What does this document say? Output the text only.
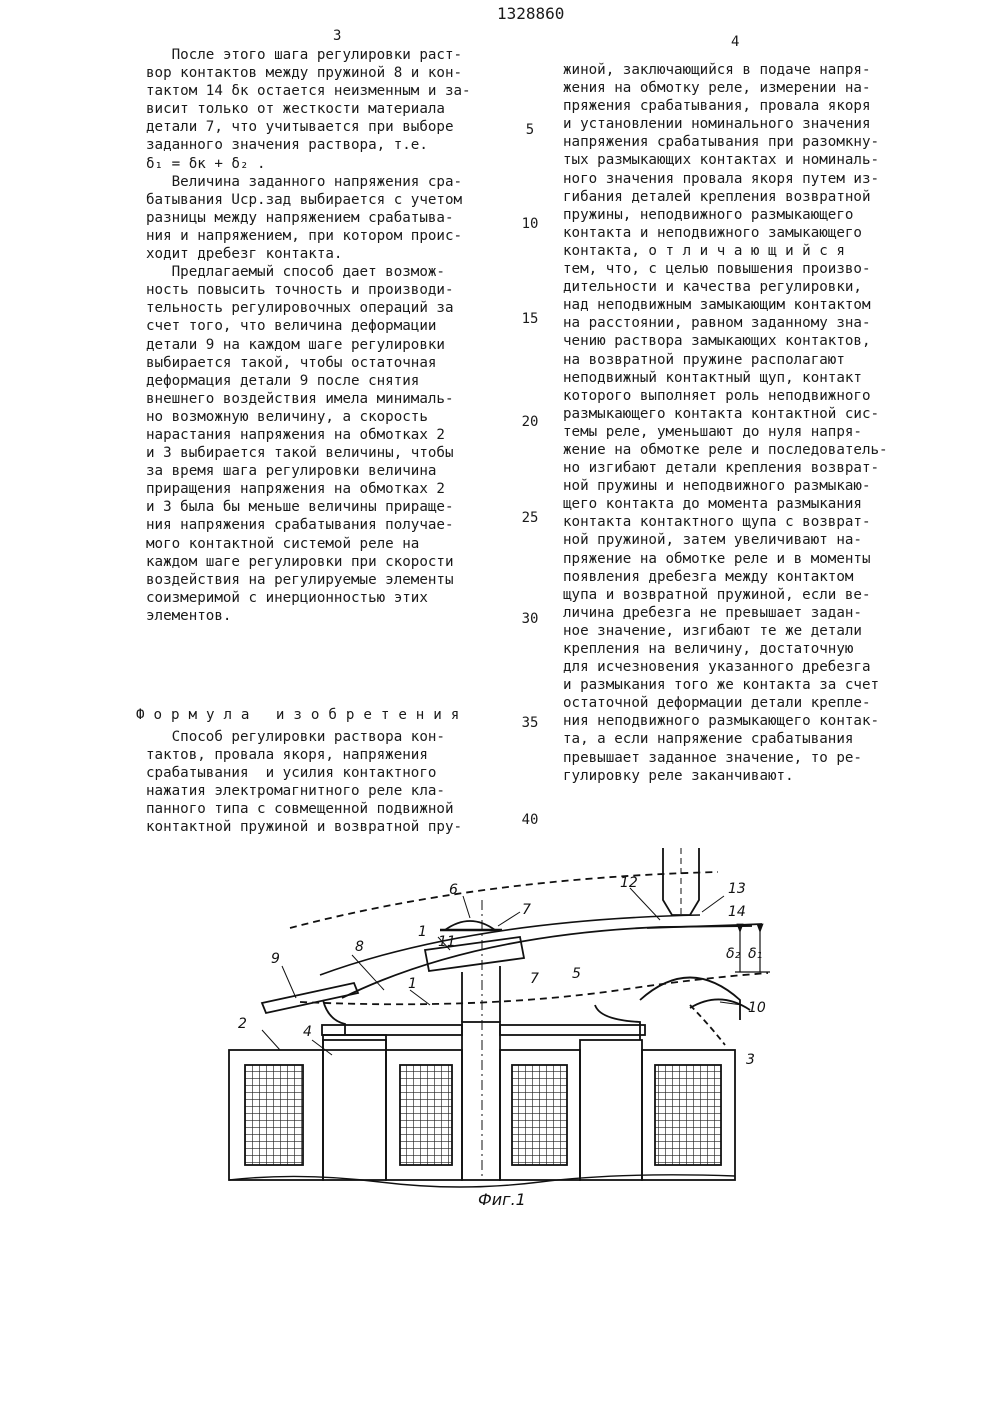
3
1328860
4
После этого шага регулировки раст-
вор контактов между пружиной 8 и кон-
тактом 14 δк остается неизменным и за-
висит только от жесткости материала
детали 7, что учитывается при выборе
заданного значения раствора, т.е.
δ₁ = δк + δ₂ .
Величина заданного напряжения сра-
батывания Uср.зад выбирается с учетом
разницы между напряжением срабатыва-
ния и напряжением, при котором проис-
ходит дребезг контакта.
Предлагаемый способ дает возмож-
ность повысить точность и производи-
тельность регулировочных операций за
счет того, что величина деформации
детали 9 на каждом шаге регулировки
выбирается такой, чтобы остаточная
деформация детали 9 после снятия
внешнего воздействия имела минималь-
но возможную величину, а скорость
нарастания напряжения на обмотках 2
и 3 выбирается такой величины, чтобы
за время шага регулировки величина
приращения напряжения на обмотках 2
и 3 была бы меньше величины прираще-
ния напряжения срабатывания получае-
мого контактной системой реле на
каждом шаге регулировки при скорости
воздействия на регулируемые элементы
соизмеримой с инерционностью этих
элементов.
Формула изобретения
Способ регулировки раствора кон-
тактов, провала якоря, напряжения
срабатывания  и усилия контактного
нажатия электромагнитного реле кла-
панного типа с совмещенной подвижной
контактной пружиной и возвратной пру-
жиной, заключающийся в подаче напря-
жения на обмотку реле, измерении на-
пряжения срабатывания, провала якоря
и установлении номинального значения
напряжения срабатывания при разомкну-
тых размыкающих контактах и номиналь-
ного значения провала якоря путем из-
гибания деталей крепления возвратной
пружины, неподвижного размыкающего
контакта и неподвижного замыкающего
контакта, о т л и ч а ю щ и й с я
тем, что, с целью повышения произво-
дительности и качества регулировки,
над неподвижным замыкающим контактом
на расстоянии, равном заданному зна-
чению раствора замыкающих контактов,
на возвратной пружине располагают
неподвижный контактный щуп, контакт
которого выполняет роль неподвижного
размыкающего контакта контактной сис-
темы реле, уменьшают до нуля напря-
жение на обмотке реле и последователь-
но изгибают детали крепления возврат-
ной пружины и неподвижного размыкаю-
щего контакта до момента размыкания
контакта контактного щупа с возврат-
ной пружиной, затем увеличивают на-
пряжение на обмотке реле и в моменты
появления дребезга между контактом
щупа и возвратной пружиной, если ве-
личина дребезга не превышает задан-
ное значение, изгибают те же детали
крепления на величину, достаточную
для исчезновения указанного дребезга
и размыкания того же контакта за счет
остаточной деформации детали крепле-
ния неподвижного размыкающего контак-
та, а если напряжение срабатывания
превышает заданное значение, то ре-
гулировку реле заканчивают.
5
10
15
20
25
30
35
40
6
7
1
11
8
9
1	7 5
12	13
14
δ₂ δ₁
10
2	4
3
Фиг.1
